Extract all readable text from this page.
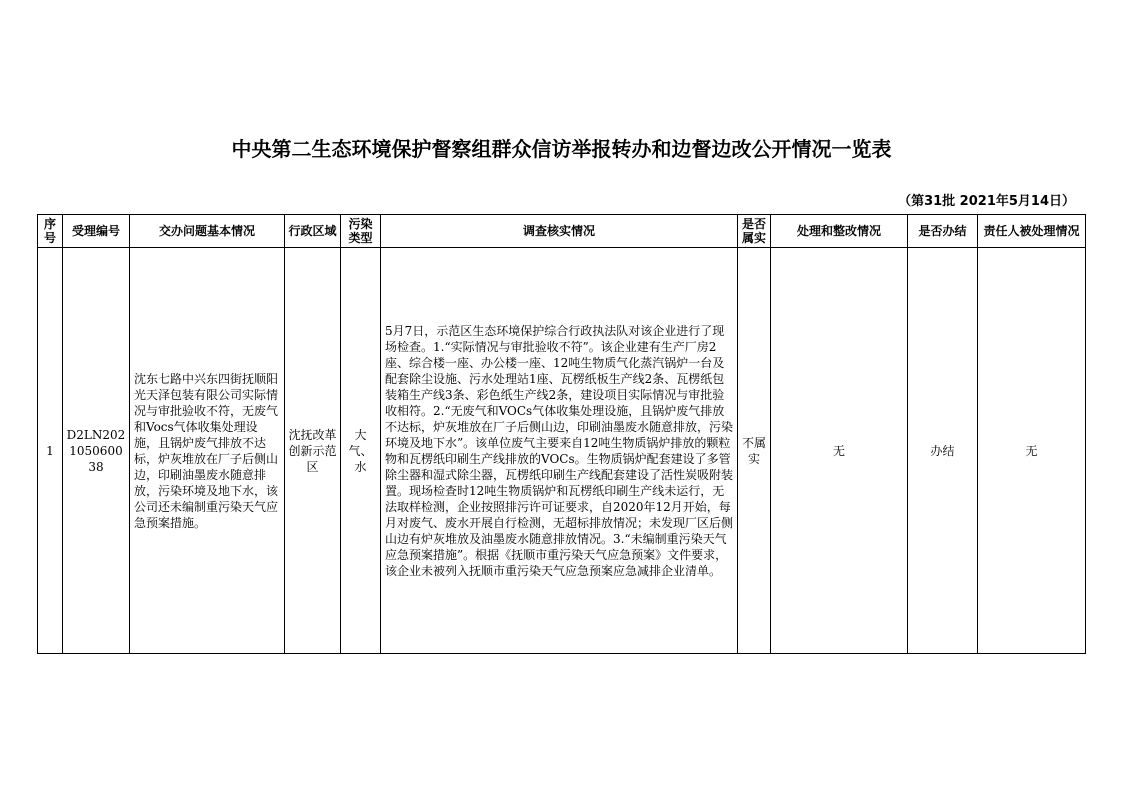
中央第二生态环境保护督察组群众信访举报转办和边督边改公开情况一览表
（第31批 2021年5月14日）
序号	受理编号	交办问题基本情况	行政区域	污染类型	调查核实情况	是否属实	处理和整改情况	是否办结	责任人被处理情况
1	D2LN202105060038	沈东七路中兴东四街抚顺阳光天泽包装有限公司实际情况与审批验收不符，无废气和Vocs气体收集处理设施，且锅炉废气排放不达标，炉灰堆放在厂子后侧山边，印刷油墨废水随意排放，污染环境及地下水，该公司还未编制重污染天气应急预案措施。	沈抚改革创新示范区	大气、水	5月7日，示范区生态环境保护综合行政执法队对该企业进行了现场检查。1.“实际情况与审批验收不符”。该企业建有生产厂房2座、综合楼一座、办公楼一座、12吨生物质气化蒸汽锅炉一台及配套除尘设施、污水处理站1座、瓦楞纸板生产线2条、瓦楞纸包装箱生产线3条、彩色纸生产线2条，建设项目实际情况与审批验收相符。2.“无废气和VOCs气体收集处理设施，且锅炉废气排放不达标，炉灰堆放在厂子后侧山边，印刷油墨废水随意排放，污染环境及地下水”。该单位废气主要来自12吨生物质锅炉排放的颗粒物和瓦楞纸印刷生产线排放的VOCs。生物质锅炉配套建设了多管除尘器和湿式除尘器，瓦楞纸印刷生产线配套建设了活性炭吸附装置。现场检查时12吨生物质锅炉和瓦楞纸印刷生产线未运行，无法取样检测，企业按照排污许可证要求，自2020年12月开始，每月对废气、废水开展自行检测，无超标排放情况；未发现厂区后侧山边有炉灰堆放及油墨废水随意排放情况。3.“未编制重污染天气应急预案措施”。根据《抚顺市重污染天气应急预案》文件要求，该企业未被列入抚顺市重污染天气应急预案应急减排企业清单。	不属实	无	办结	无
